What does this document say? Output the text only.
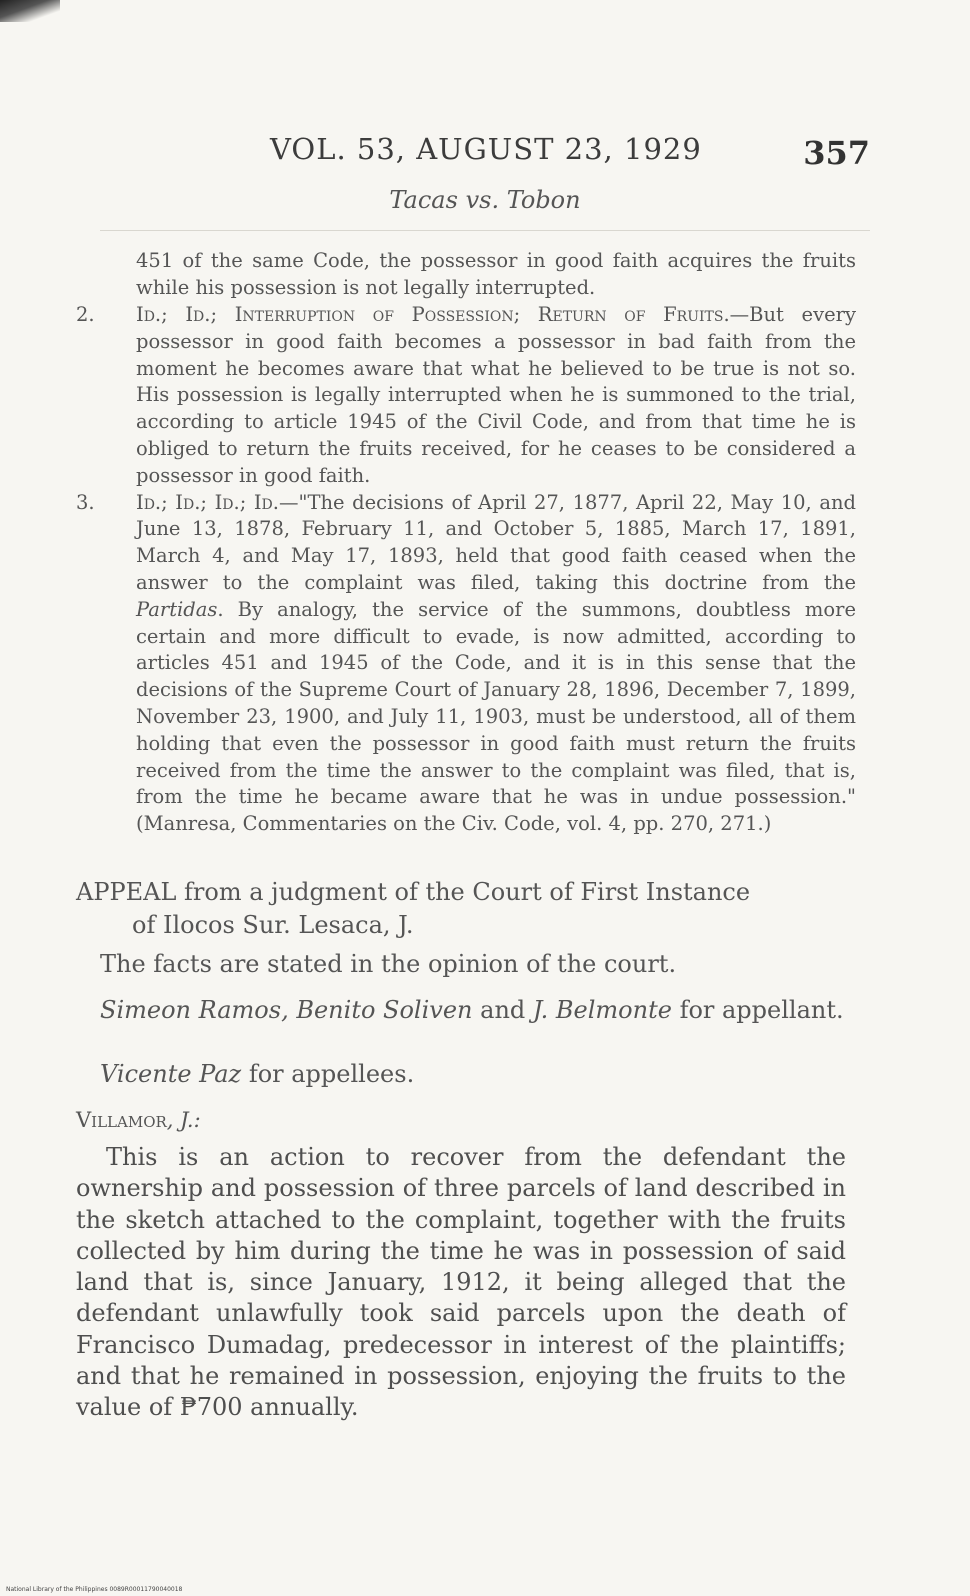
VOL. 53, AUGUST 23, 1929	357
Tacas vs. Tobon
451 of the same Code, the possessor in good faith acquires the fruits while his possession is not legally interrupted.
2. Id.; Id.; Interruption of Possession; Return of Fruits.—But every possessor in good faith becomes a possessor in bad faith from the moment he becomes aware that what he believed to be true is not so. His possession is legally interrupted when he is summoned to the trial, according to article 1945 of the Civil Code, and from that time he is obliged to return the fruits received, for he ceases to be considered a possessor in good faith.
3. Id.; Id.; Id.; Id.—"The decisions of April 27, 1877, April 22, May 10, and June 13, 1878, February 11, and October 5, 1885, March 17, 1891, March 4, and May 17, 1893, held that good faith ceased when the answer to the complaint was filed, taking this doctrine from the Partidas. By analogy, the service of the summons, doubtless more certain and more difficult to evade, is now admitted, according to articles 451 and 1945 of the Code, and it is in this sense that the decisions of the Supreme Court of January 28, 1896, December 7, 1899, November 23, 1900, and July 11, 1903, must be understood, all of them holding that even the possessor in good faith must return the fruits received from the time the answer to the complaint was filed, that is, from the time he became aware that he was in undue possession." (Manresa, Commentaries on the Civ. Code, vol. 4, pp. 270, 271.)
APPEAL from a judgment of the Court of First Instance
of Ilocos Sur. Lesaca, J.
The facts are stated in the opinion of the court.
Simeon Ramos, Benito Soliven and J. Belmonte for appellant.
Vicente Paz for appellees.
Villamor, J.:

This is an action to recover from the defendant the ownership and possession of three parcels of land described in the sketch attached to the complaint, together with the fruits collected by him during the time he was in possession of said land that is, since January, 1912, it being alleged that the defendant unlawfully took said parcels upon the death of Francisco Dumadag, predecessor in interest of the plaintiffs; and that he remained in possession, enjoying the fruits to the value of ₱700 annually.

National Library of the Philippines 0089R00011790040018
